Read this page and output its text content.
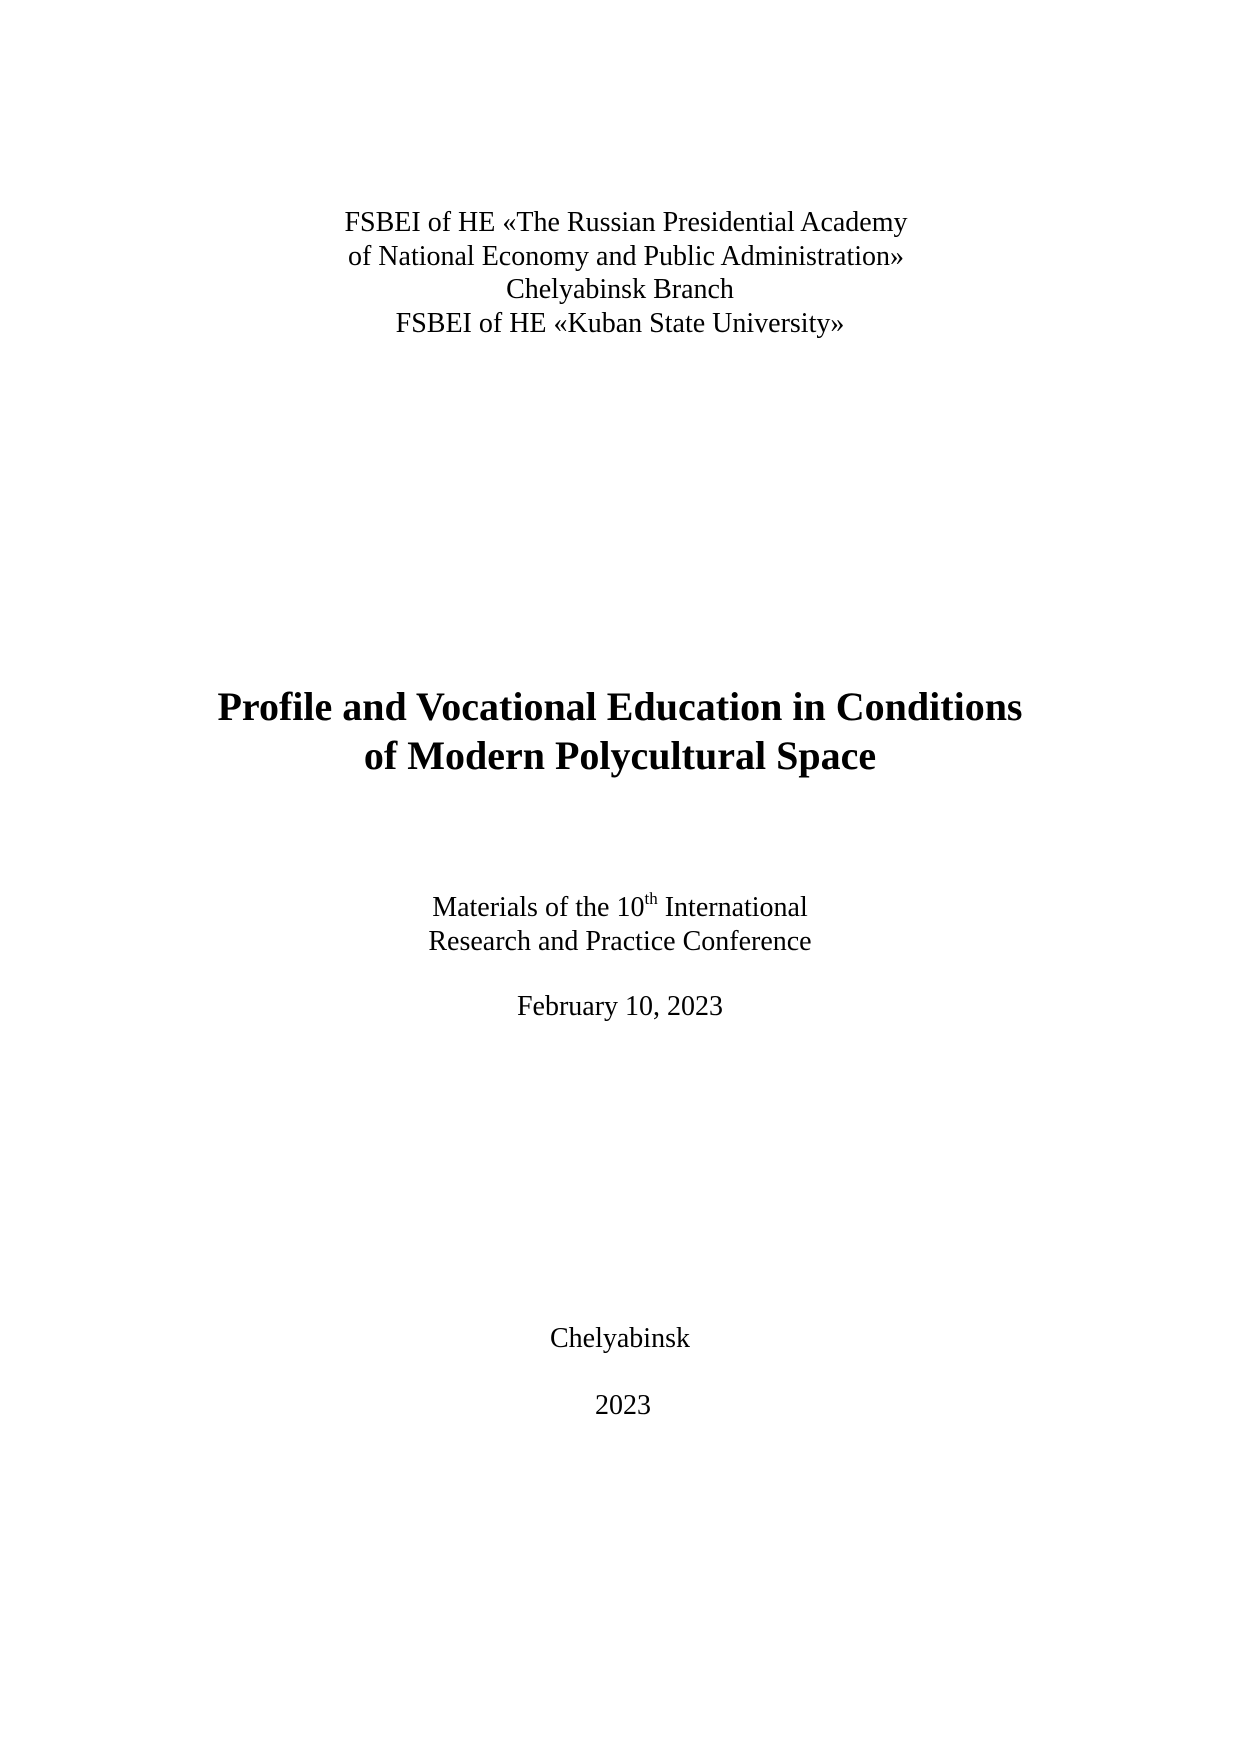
FSBEI of HE «The Russian Presidential Academy
of National Economy and Public Administration»
Chelyabinsk Branch
FSBEI of HE «Kuban State University»
Profile and Vocational Education in Conditions
of Modern Polycultural Space
Materials of the 10th International
Research and Practice Conference
February 10, 2023
Chelyabinsk
2023
